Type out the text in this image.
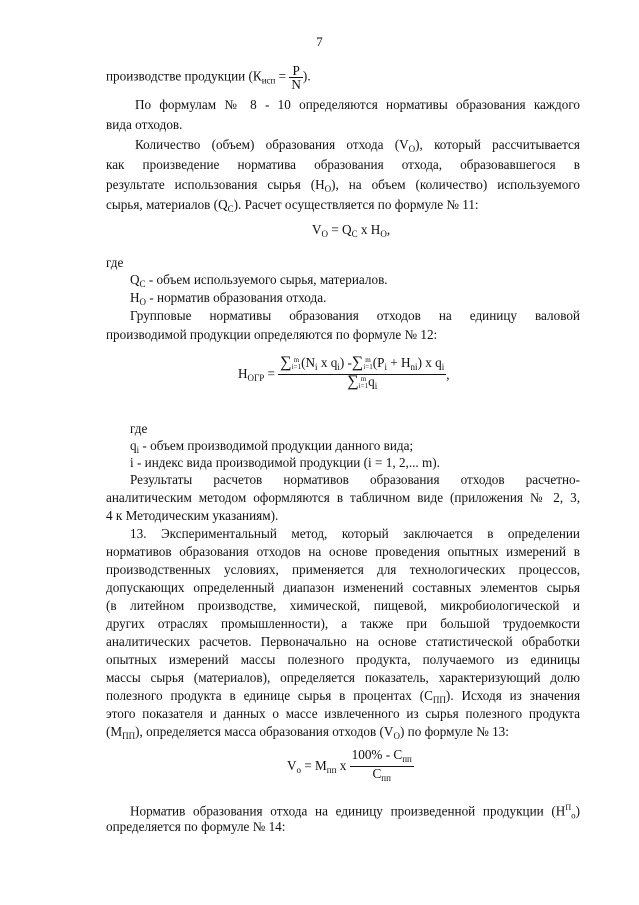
7
производстве продукции ($К_{исп} = \frac{P}{N}$ ).
По формулам № 8 - 10 определяются нормативы образования каждого
вида отходов.
Количество (объем) образования отхода $(V_O)$, который рассчитывается
как произведение норматива образования отхода, образовавшегося в
результате использования сырья $(Н_O)$, на объем (количество) используемого
сырья, материалов $(Q_C)$. Расчет осуществляется по формуле № 11:
$V_O = Q_C$ x $H_O$,
где
$Q_C$ - объем используемого сырья, материалов.
$Н_O$ - норматив образования отхода.
Групповые нормативы образования отходов на единицу валовой
производимой продукции определяются по формуле № 12:
$Н_{ОГР}$ =
∑ m
$i=1(N_i$ x $q_i$) -∑ m
$i=1(P_i + H_{ni})$ x $q_i$
∑ m
$i=1q_i$
,
где
$q_i$ - объем производимой продукции данного вида;
i - индекс вида производимой продукции (i = 1, 2,... m).
Результаты расчетов нормативов образования отходов расчетно-
аналитическим методом оформляются в табличном виде (приложения № 2, 3,
4 к Методическим указаниям).
13. Экспериментальный метод, который заключается в определении
нормативов образования отходов на основе проведения опытных измерений в
производственных условиях, применяется для технологических процессов,
допускающих определенный диапазон изменений составных элементов сырья
(в литейном производстве, химической, пищевой, микробиологической и
других отраслях промышленности), а также при большой трудоемкости
аналитических расчетов. Первоначально на основе статистической обработки
опытных измерений массы полезного продукта, получаемого из единицы
массы сырья (материалов), определяется показатель, характеризующий долю
полезного продукта в единице сырья в процентах $(С_{ПП})$. Исходя из значения
этого показателя и данных о массе извлеченного из сырья полезного продукта
$(М_{ПП})$, определяется масса образования отходов $(V_O)$ по формуле № 13:
$V_o = М_{пп}$ x $\frac{100\% - С_{пп}}{С_{пп}}$
Норматив образования отхода на единицу произведенной продукции $(Н^П_o)$
определяется по формуле № 14:
